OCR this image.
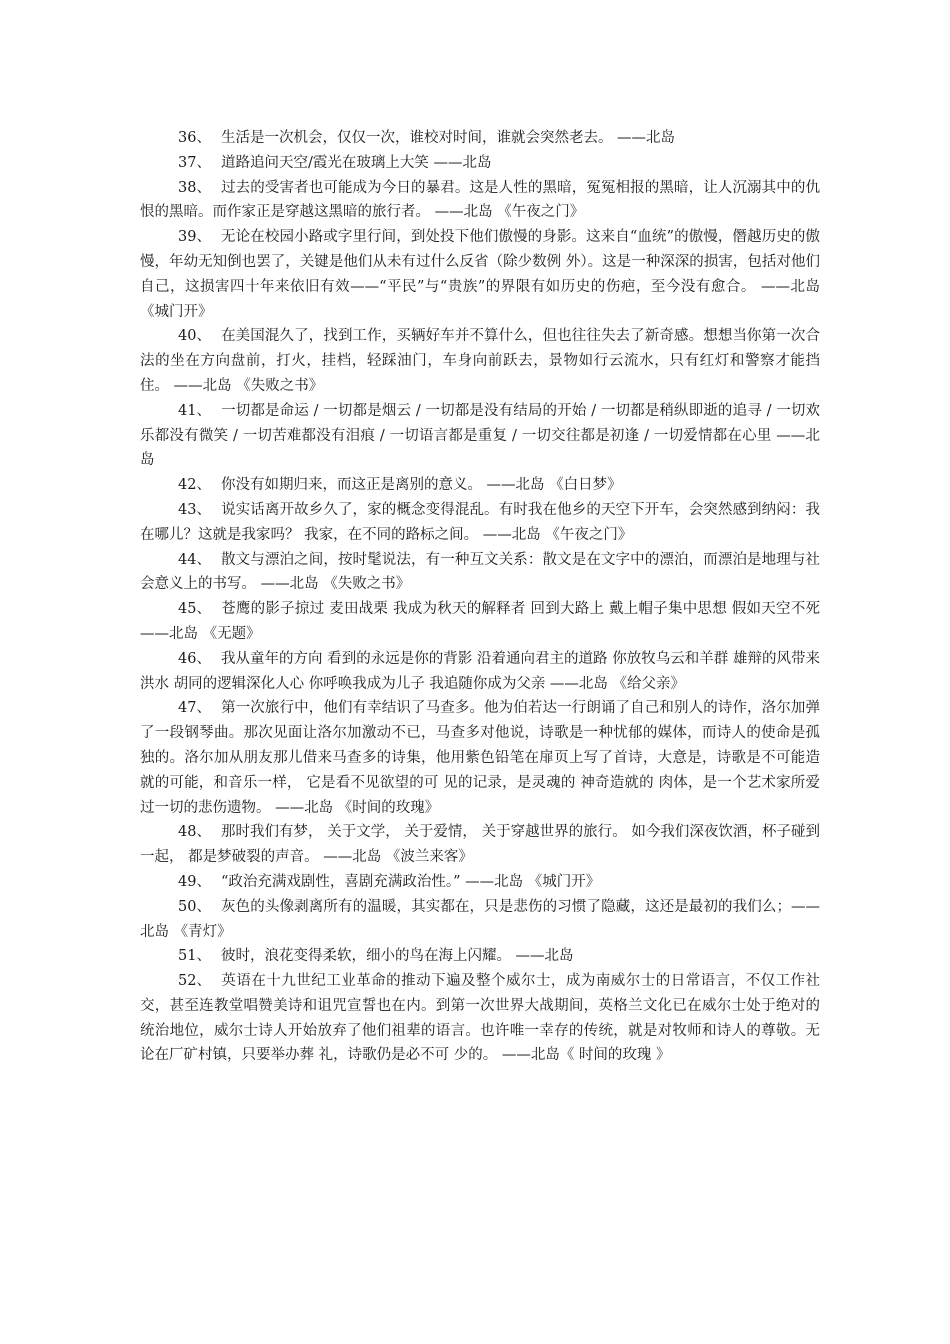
36、 生活是一次机会，仅仅一次，谁校对时间，谁就会突然老去。 ——北岛

37、 道路追问天空/霞光在玻璃上大笑 ——北岛

38、 过去的受害者也可能成为今日的暴君。这是人性的黑暗，冤冤相报的黑暗，让人沉溺其中的仇恨的黑暗。而作家正是穿越这黑暗的旅行者。 ——北岛 《午夜之门》

39、 无论在校园小路或字里行间，到处投下他们傲慢的身影。这来自“血统”的傲慢，僭越历史的傲慢，年幼无知倒也罢了，关键是他们从未有过什么反省（除少数例 外）。这是一种深深的损害，包括对他们自己，这损害四十年来依旧有效——“平民”与“贵族”的界限有如历史的伤疤，至今没有愈合。 ——北岛 《城门开》

40、 在美国混久了，找到工作，买辆好车并不算什么，但也往往失去了新奇感。想想当你第一次合法的坐在方向盘前，打火，挂档，轻踩油门，车身向前跃去，景物如行云流水，只有红灯和警察才能挡住。 ——北岛 《失败之书》

41、 一切都是命运 / 一切都是烟云 / 一切都是没有结局的开始 / 一切都是稍纵即逝的追寻 / 一切欢乐都没有微笑 / 一切苦难都没有泪痕 / 一切语言都是重复 / 一切交往都是初逢 / 一切爱情都在心里 ——北岛

42、 你没有如期归来，而这正是离别的意义。 ——北岛 《白日梦》

43、 说实话离开故乡久了，家的概念变得混乱。有时我在他乡的天空下开车，会突然感到纳闷：我在哪儿？这就是我家吗？ 我家，在不同的路标之间。 ——北岛 《午夜之门》

44、 散文与漂泊之间，按时髦说法，有一种互文关系：散文是在文字中的漂泊，而漂泊是地理与社会意义上的书写。 ——北岛 《失败之书》

45、 苍鹰的影子掠过 麦田战栗 我成为秋天的解释者 回到大路上 戴上帽子集中思想 假如天空不死 ——北岛 《无题》

46、 我从童年的方向 看到的永远是你的背影 沿着通向君主的道路 你放牧乌云和羊群 雄辩的风带来洪水 胡同的逻辑深化人心 你呼唤我成为儿子 我追随你成为父亲 ——北岛 《给父亲》

47、 第一次旅行中，他们有幸结识了马查多。他为伯若达一行朗诵了自己和别人的诗作，洛尔加弹了一段钢琴曲。那次见面让洛尔加激动不已，马查多对他说，诗歌是一种忧郁的媒体，而诗人的使命是孤独的。洛尔加从朋友那儿借来马查多的诗集，他用紫色铅笔在扉页上写了首诗，大意是，诗歌是不可能造就的可能，和音乐一样， 它是看不见欲望的可 见的记录，是灵魂的 神奇造就的 肉体，是一个艺术家所爱过一切的悲伤遗物。 ——北岛 《时间的玫瑰》

48、 那时我们有梦， 关于文学， 关于爱情， 关于穿越世界的旅行。 如今我们深夜饮酒，杯子碰到一起， 都是梦破裂的声音。 ——北岛 《波兰来客》

49、 “政治充满戏剧性，喜剧充满政治性。” ——北岛 《城门开》

50、 灰色的头像剥离所有的温暖，其实都在，只是悲伤的习惯了隐藏，这还是最初的我们么；——北岛 《青灯》

51、 彼时，浪花变得柔软，细小的鸟在海上闪耀。 ——北岛

52、 英语在十九世纪工业革命的推动下遍及整个威尔士，成为南威尔士的日常语言，不仅工作社交，甚至连教堂唱赞美诗和诅咒宣誓也在内。到第一次世界大战期间，英格兰文化已在威尔士处于绝对的统治地位，威尔士诗人开始放弃了他们祖辈的语言。也许唯一幸存的传统，就是对牧师和诗人的尊敬。无论在厂矿村镇，只要举办葬 礼，诗歌仍是必不可 少的。 ——北岛《 时间的玫瑰 》
